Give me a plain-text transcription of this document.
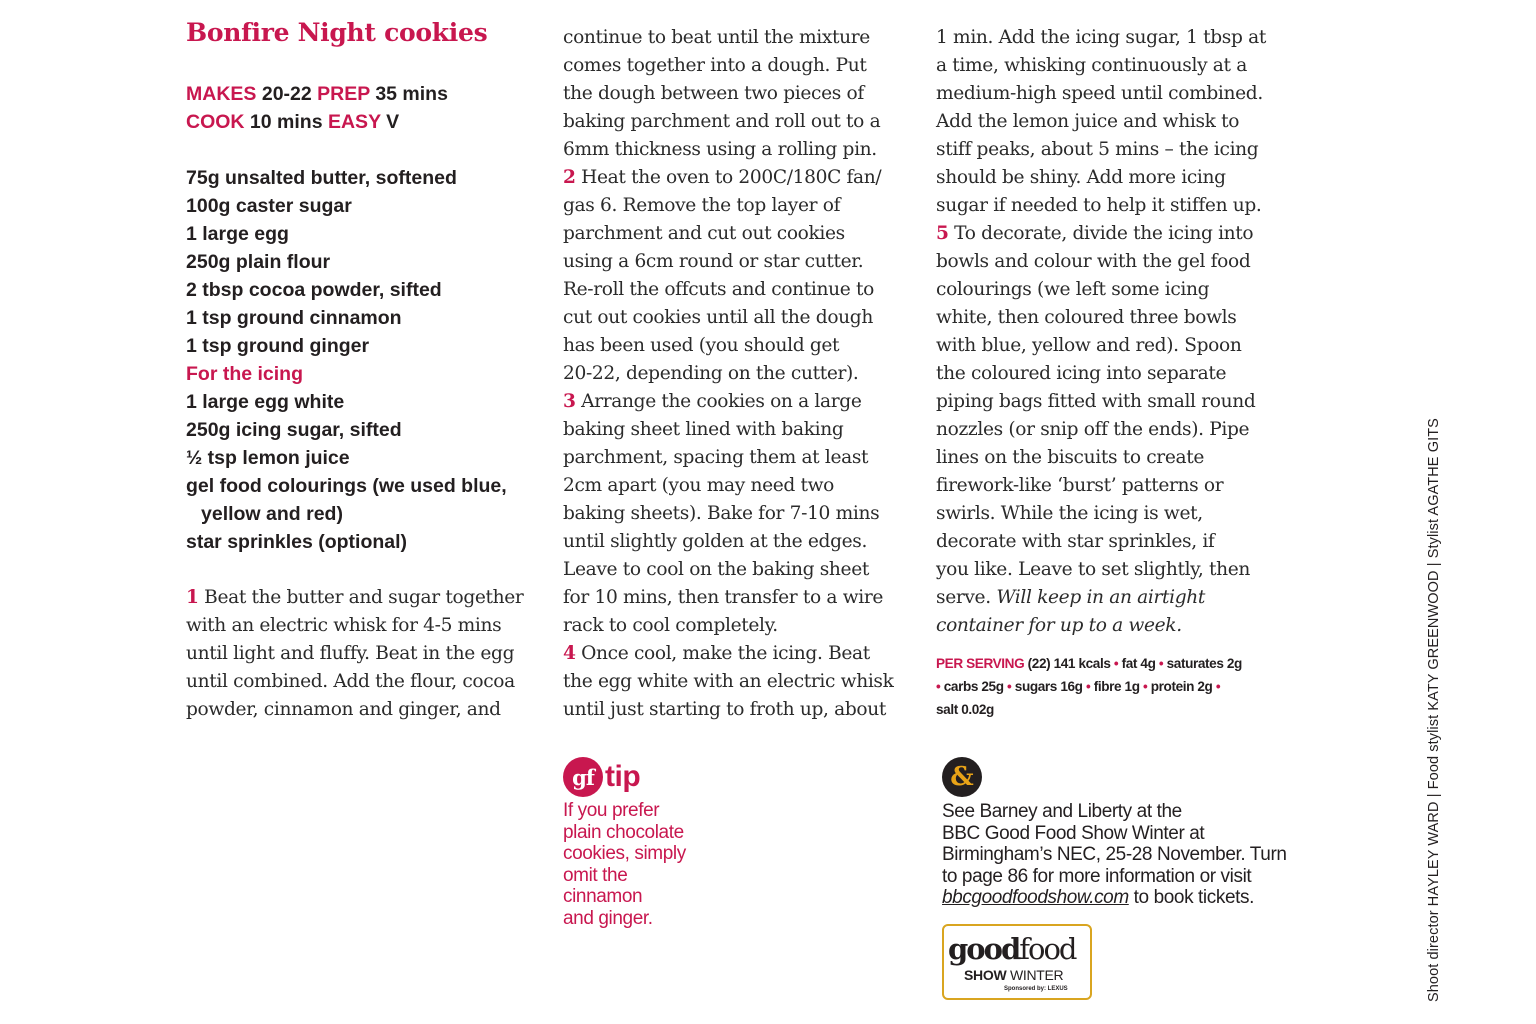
Bonfire Night cookies
MAKES 20-22 PREP 35 mins
COOK 10 mins EASY V
75g unsalted butter, softened
100g caster sugar
1 large egg
250g plain flour
2 tbsp cocoa powder, sifted
1 tsp ground cinnamon
1 tsp ground ginger
For the icing
1 large egg white
250g icing sugar, sifted
½ tsp lemon juice
gel food colourings (we used blue,
yellow and red)
star sprinkles (optional)
1 Beat the butter and sugar together
with an electric whisk for 4-5 mins
until light and fluffy. Beat in the egg
until combined. Add the flour, cocoa
powder, cinnamon and ginger, and
continue to beat until the mixture
comes together into a dough. Put
the dough between two pieces of
baking parchment and roll out to a
6mm thickness using a rolling pin.
2 Heat the oven to 200C/180C fan/
gas 6. Remove the top layer of
parchment and cut out cookies
using a 6cm round or star cutter.
Re-roll the offcuts and continue to
cut out cookies until all the dough
has been used (you should get
20-22, depending on the cutter).
3 Arrange the cookies on a large
baking sheet lined with baking
parchment, spacing them at least
2cm apart (you may need two
baking sheets). Bake for 7-10 mins
until slightly golden at the edges.
Leave to cool on the baking sheet
for 10 mins, then transfer to a wire
rack to cool completely.
4 Once cool, make the icing. Beat
the egg white with an electric whisk
until just starting to froth up, about
1 min. Add the icing sugar, 1 tbsp at
a time, whisking continuously at a
medium-high speed until combined.
Add the lemon juice and whisk to
stiff peaks, about 5 mins – the icing
should be shiny. Add more icing
sugar if needed to help it stiffen up.
5 To decorate, divide the icing into
bowls and colour with the gel food
colourings (we left some icing
white, then coloured three bowls
with blue, yellow and red). Spoon
the coloured icing into separate
piping bags fitted with small round
nozzles (or snip off the ends). Pipe
lines on the biscuits to create
firework-like ‘burst’ patterns or
swirls. While the icing is wet,
decorate with star sprinkles, if
you like. Leave to set slightly, then
serve. Will keep in an airtight
container for up to a week.
PER SERVING (22) 141 kcals • fat 4g • saturates 2g
• carbs 25g • sugars 16g • fibre 1g • protein 2g •
salt 0.02g
gf tip
If you prefer
plain chocolate
cookies, simply
omit the
cinnamon
and ginger.
&
See Barney and Liberty at the
BBC Good Food Show Winter at
Birmingham’s NEC, 25-28 November. Turn
to page 86 for more information or visit
bbcgoodfoodshow.com to book tickets.
goodfood
SHOW WINTER
Sponsored by: LEXUS	Shoot director HAYLEY WARD | Food stylist KATY GREENWOOD | Stylist AGATHE GITS
